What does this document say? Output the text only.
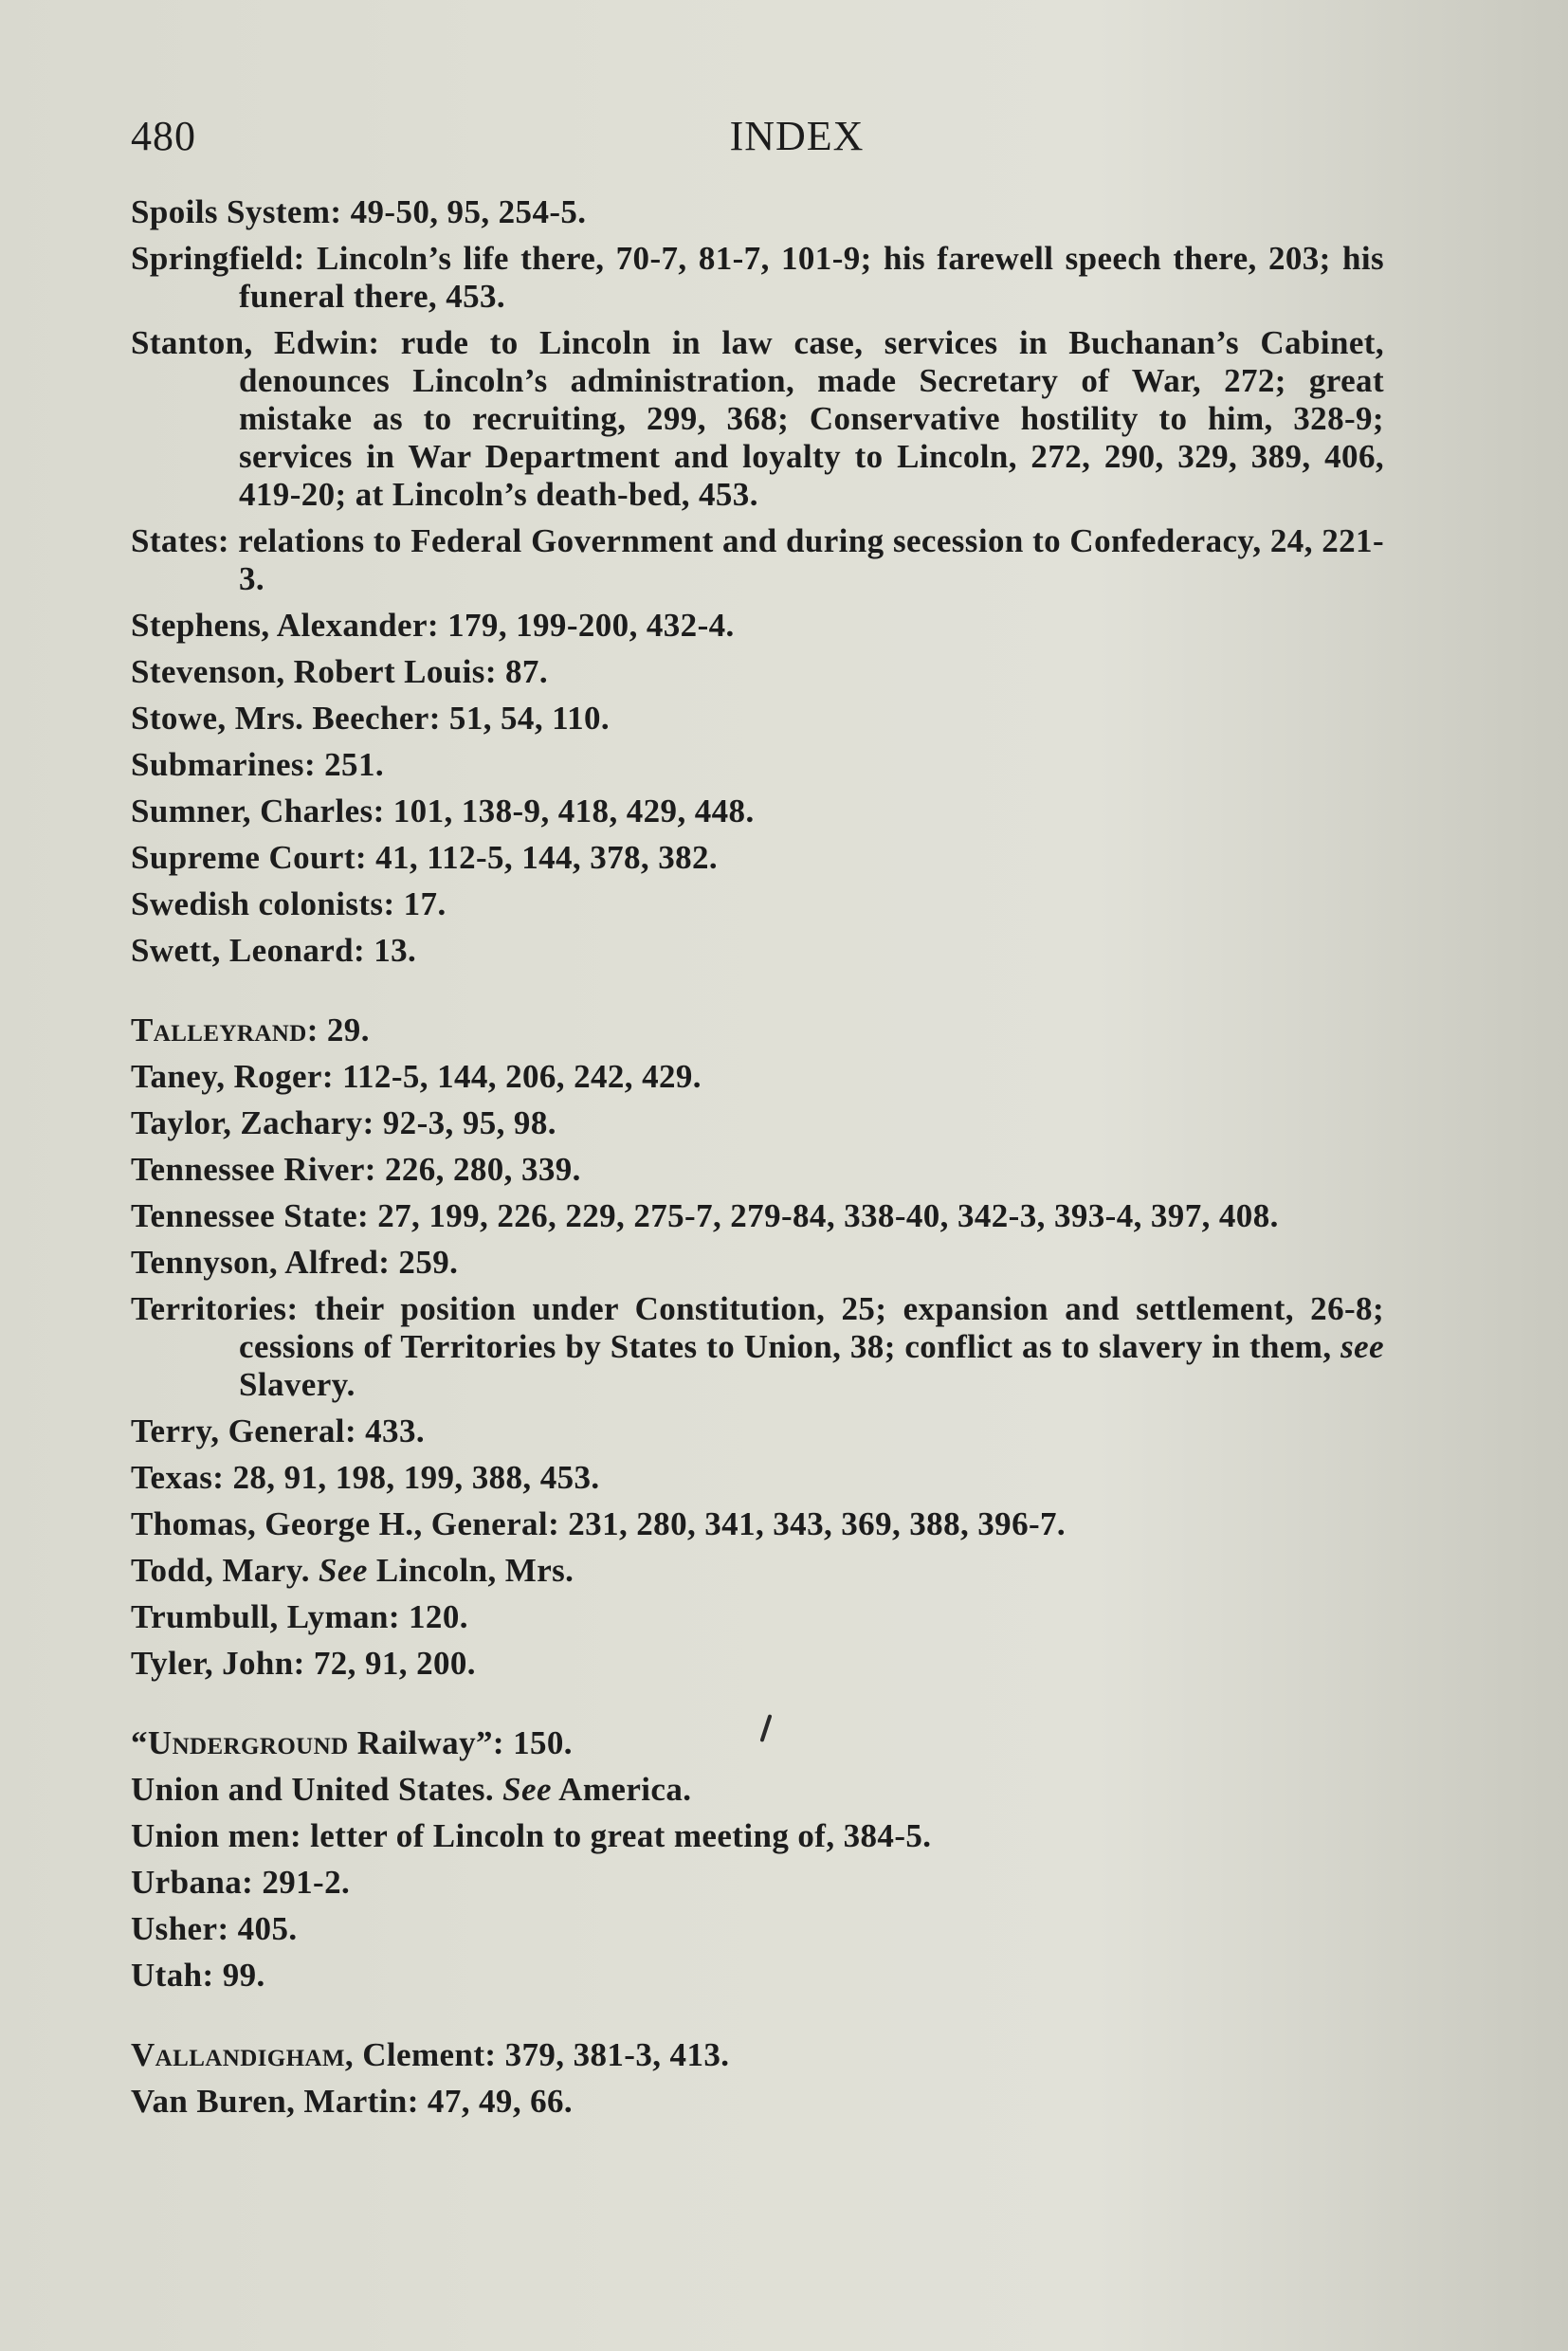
480	INDEX
Spoils System: 49-50, 95, 254-5.
Springfield: Lincoln’s life there, 70-7, 81-7, 101-9; his farewell speech there, 203; his funeral there, 453.
Stanton, Edwin: rude to Lincoln in law case, services in Buchanan’s Cabinet, denounces Lincoln’s administration, made Secretary of War, 272; great mistake as to recruiting, 299, 368; Conservative hostility to him, 328-9; services in War Department and loyalty to Lincoln, 272, 290, 329, 389, 406, 419-20; at Lincoln’s death-bed, 453.
States: relations to Federal Government and during secession to Confederacy, 24, 221-3.
Stephens, Alexander: 179, 199-200, 432-4.
Stevenson, Robert Louis: 87.
Stowe, Mrs. Beecher: 51, 54, 110.
Submarines: 251.
Sumner, Charles: 101, 138-9, 418, 429, 448.
Supreme Court: 41, 112-5, 144, 378, 382.
Swedish colonists: 17.
Swett, Leonard: 13.
Talleyrand: 29.
Taney, Roger: 112-5, 144, 206, 242, 429.
Taylor, Zachary: 92-3, 95, 98.
Tennessee River: 226, 280, 339.
Tennessee State: 27, 199, 226, 229, 275-7, 279-84, 338-40, 342-3, 393-4, 397, 408.
Tennyson, Alfred: 259.
Territories: their position under Constitution, 25; expansion and settlement, 26-8; cessions of Territories by States to Union, 38; conflict as to slavery in them, see Slavery.
Terry, General: 433.
Texas: 28, 91, 198, 199, 388, 453.
Thomas, George H., General: 231, 280, 341, 343, 369, 388, 396-7.
Todd, Mary. See Lincoln, Mrs.
Trumbull, Lyman: 120.
Tyler, John: 72, 91, 200.
“Underground Railway”: 150.
Union and United States. See America.
Union men: letter of Lincoln to great meeting of, 384-5.
Urbana: 291-2.
Usher: 405.
Utah: 99.
Vallandigham, Clement: 379, 381-3, 413.
Van Buren, Martin: 47, 49, 66.
